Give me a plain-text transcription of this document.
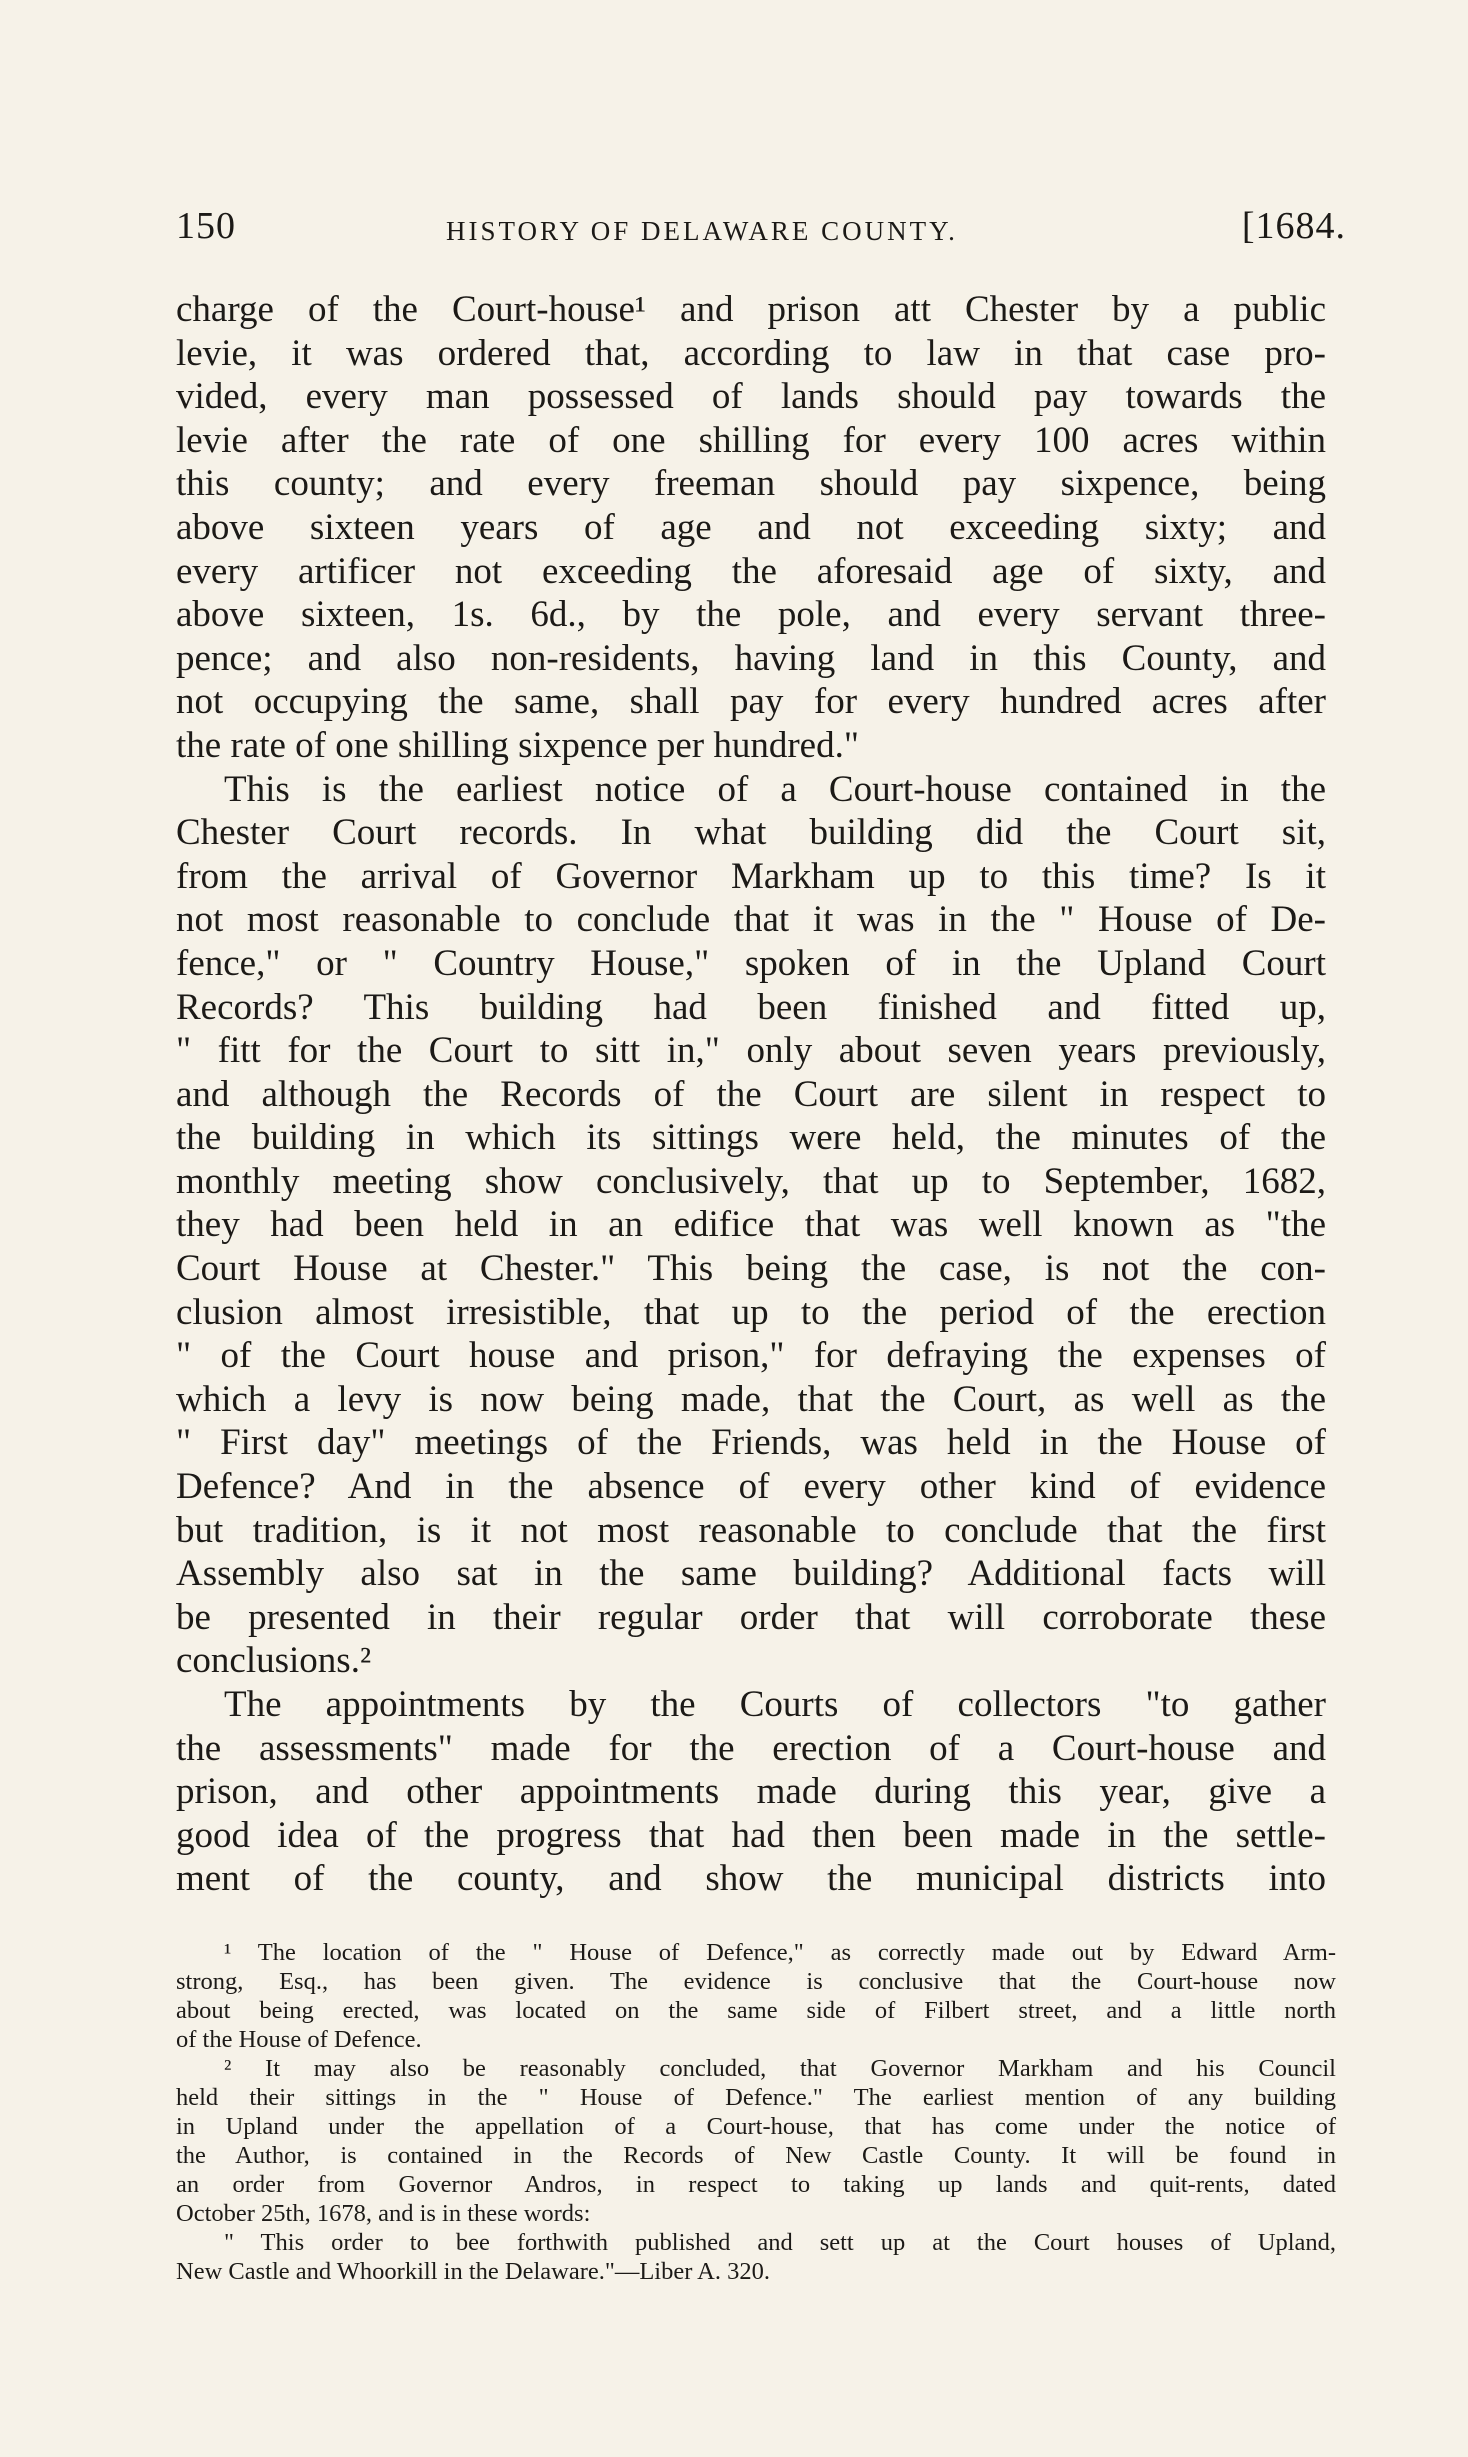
150	HISTORY OF DELAWARE COUNTY.	[1684.
charge of the Court-house¹ and prison att Chester by a public
levie, it was ordered that, according to law in that case pro-
vided, every man possessed of lands should pay towards the
levie after the rate of one shilling for every 100 acres within
this county; and every freeman should pay sixpence, being
above sixteen years of age and not exceeding sixty; and
every artificer not exceeding the aforesaid age of sixty, and
above sixteen, 1s. 6d., by the pole, and every servant three-
pence; and also non-residents, having land in this County, and
not occupying the same, shall pay for every hundred acres after
the rate of one shilling sixpence per hundred."
This is the earliest notice of a Court-house contained in the
Chester Court records. In what building did the Court sit,
from the arrival of Governor Markham up to this time? Is it
not most reasonable to conclude that it was in the " House of De-
fence," or " Country House," spoken of in the Upland Court
Records? This building had been finished and fitted up,
" fitt for the Court to sitt in," only about seven years previously,
and although the Records of the Court are silent in respect to
the building in which its sittings were held, the minutes of the
monthly meeting show conclusively, that up to September, 1682,
they had been held in an edifice that was well known as "the
Court House at Chester." This being the case, is not the con-
clusion almost irresistible, that up to the period of the erection
" of the Court house and prison," for defraying the expenses of
which a levy is now being made, that the Court, as well as the
" First day" meetings of the Friends, was held in the House of
Defence? And in the absence of every other kind of evidence
but tradition, is it not most reasonable to conclude that the first
Assembly also sat in the same building? Additional facts will
be presented in their regular order that will corroborate these
conclusions.²
The appointments by the Courts of collectors "to gather
the assessments" made for the erection of a Court-house and
prison, and other appointments made during this year, give a
good idea of the progress that had then been made in the settle-
ment of the county, and show the municipal districts into
¹ The location of the " House of Defence," as correctly made out by Edward Arm-
strong, Esq., has been given. The evidence is conclusive that the Court-house now
about being erected, was located on the same side of Filbert street, and a little north
of the House of Defence.
² It may also be reasonably concluded, that Governor Markham and his Council
held their sittings in the " House of Defence." The earliest mention of any building
in Upland under the appellation of a Court-house, that has come under the notice of
the Author, is contained in the Records of New Castle County. It will be found in
an order from Governor Andros, in respect to taking up lands and quit-rents, dated
October 25th, 1678, and is in these words:
" This order to bee forthwith published and sett up at the Court houses of Upland,
New Castle and Whoorkill in the Delaware."—Liber A. 320.
